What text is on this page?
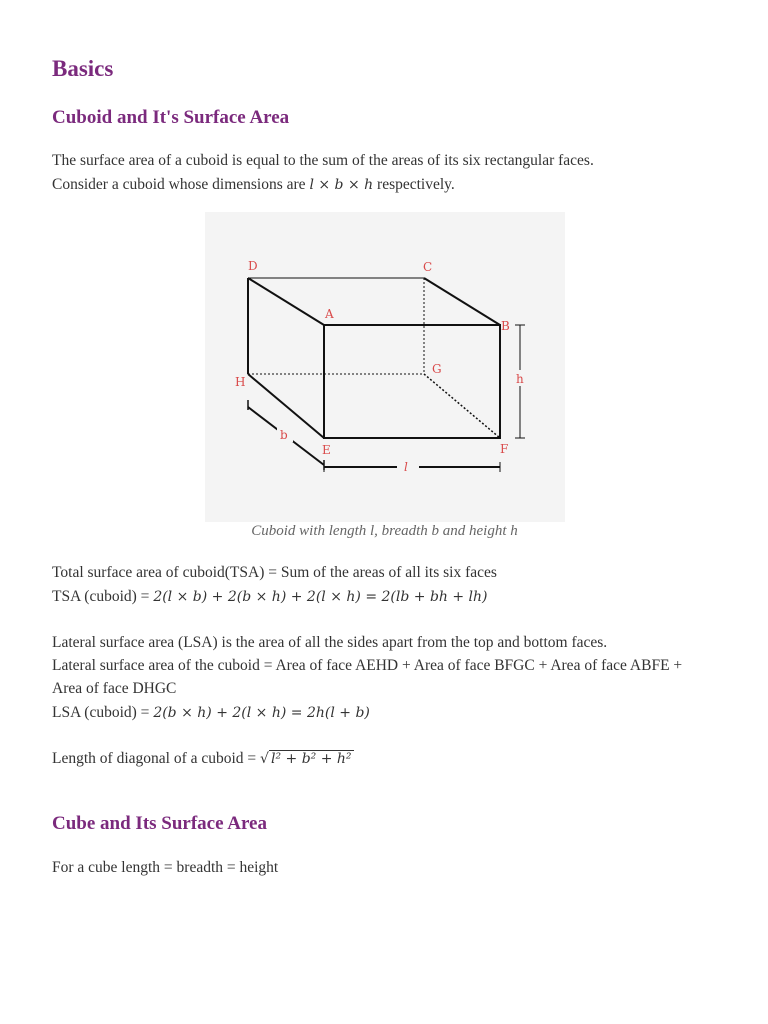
Basics
Cuboid and It's Surface Area

The surface area of a cuboid is equal to the sum of the areas of its six rectangular faces.

Consider a cuboid whose dimensions are l × b × h respectively.

D	C
A
B
H
G
E	F
h
b
l
Cuboid with length l, breadth b and height h

Total surface area of cuboid(TSA) = Sum of the areas of all its six faces

TSA (cuboid) = 2(l × b) + 2(b × h) + 2(l × h) = 2(lb + bh + lh)

Lateral surface area (LSA) is the area of all the sides apart from the top and bottom faces.

Lateral surface area of the cuboid = Area of face AEHD + Area of face BFGC + Area of face ABFE +

Area of face DHGC

LSA (cuboid) = 2(b × h) + 2(l × h) = 2h(l + b)

Length of diagonal of a cuboid = √ l² + b² + h²

Cube and Its Surface Area

For a cube length = breadth = height
